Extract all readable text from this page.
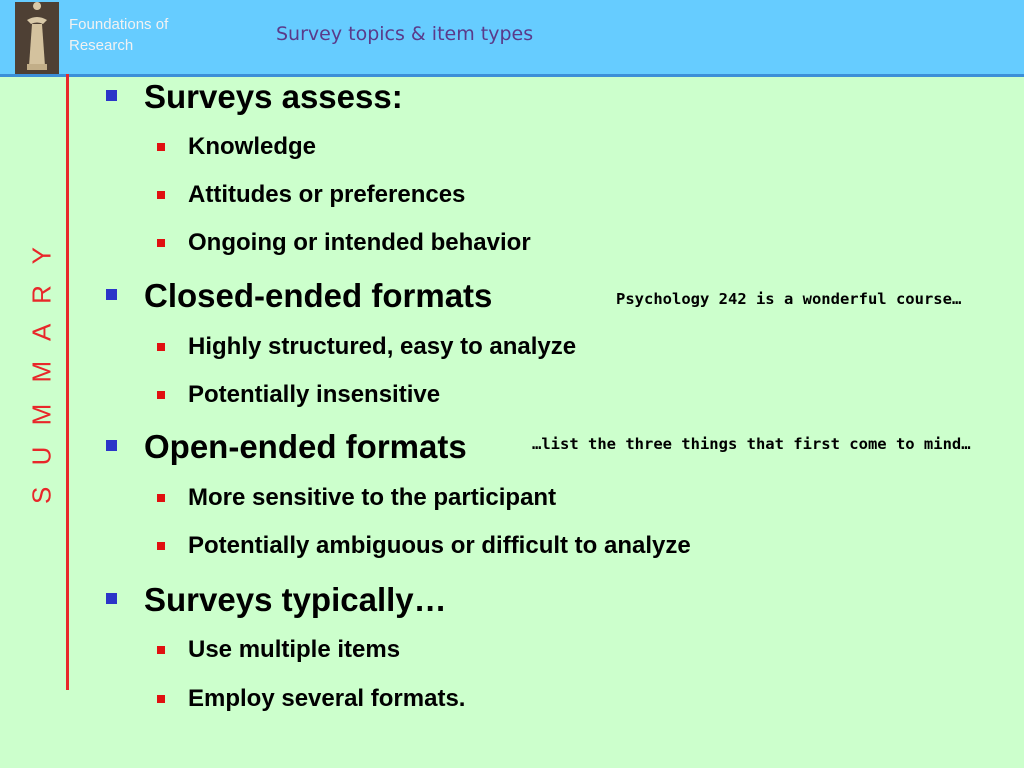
Foundations of
Research
Survey topics & item types
S U M M A R Y
Surveys assess:
Knowledge
Attitudes or preferences
Ongoing or intended behavior
Closed-ended formats	Psychology 242 is a wonderful course…
Highly structured, easy to analyze
Potentially insensitive
Open-ended formats	…list the three things that first come to mind…
More sensitive to the participant
Potentially ambiguous or difficult to analyze
Surveys typically…
Use multiple items
Employ several formats.
